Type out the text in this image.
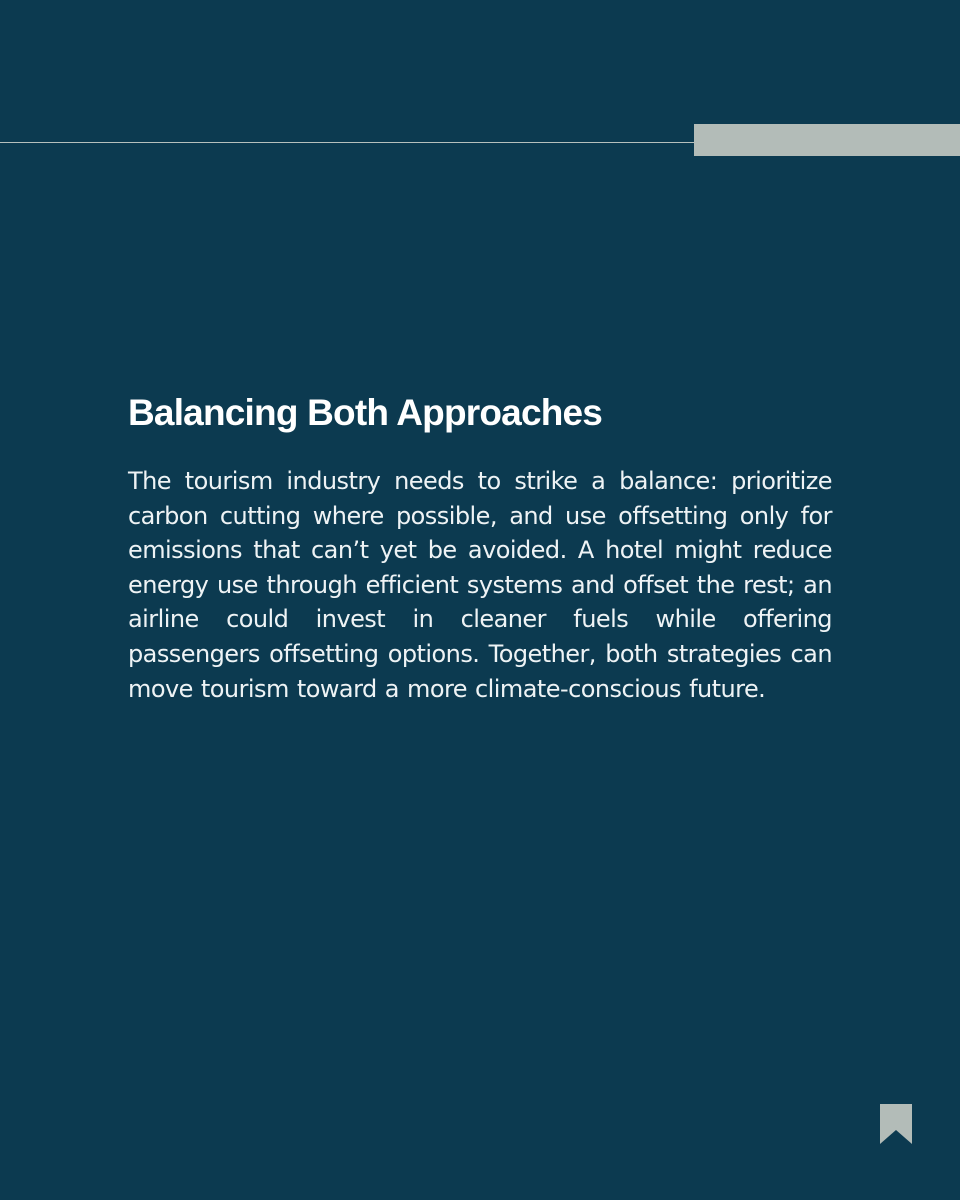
Balancing Both Approaches

The tourism industry needs to strike a balance: prioritize carbon cutting where possible, and use offsetting only for emissions that can’t yet be avoided. A hotel might reduce energy use through efficient systems and offset the rest; an airline could invest in cleaner fuels while offering passengers offsetting options. Together, both strategies can move tourism toward a more climate-conscious future.
